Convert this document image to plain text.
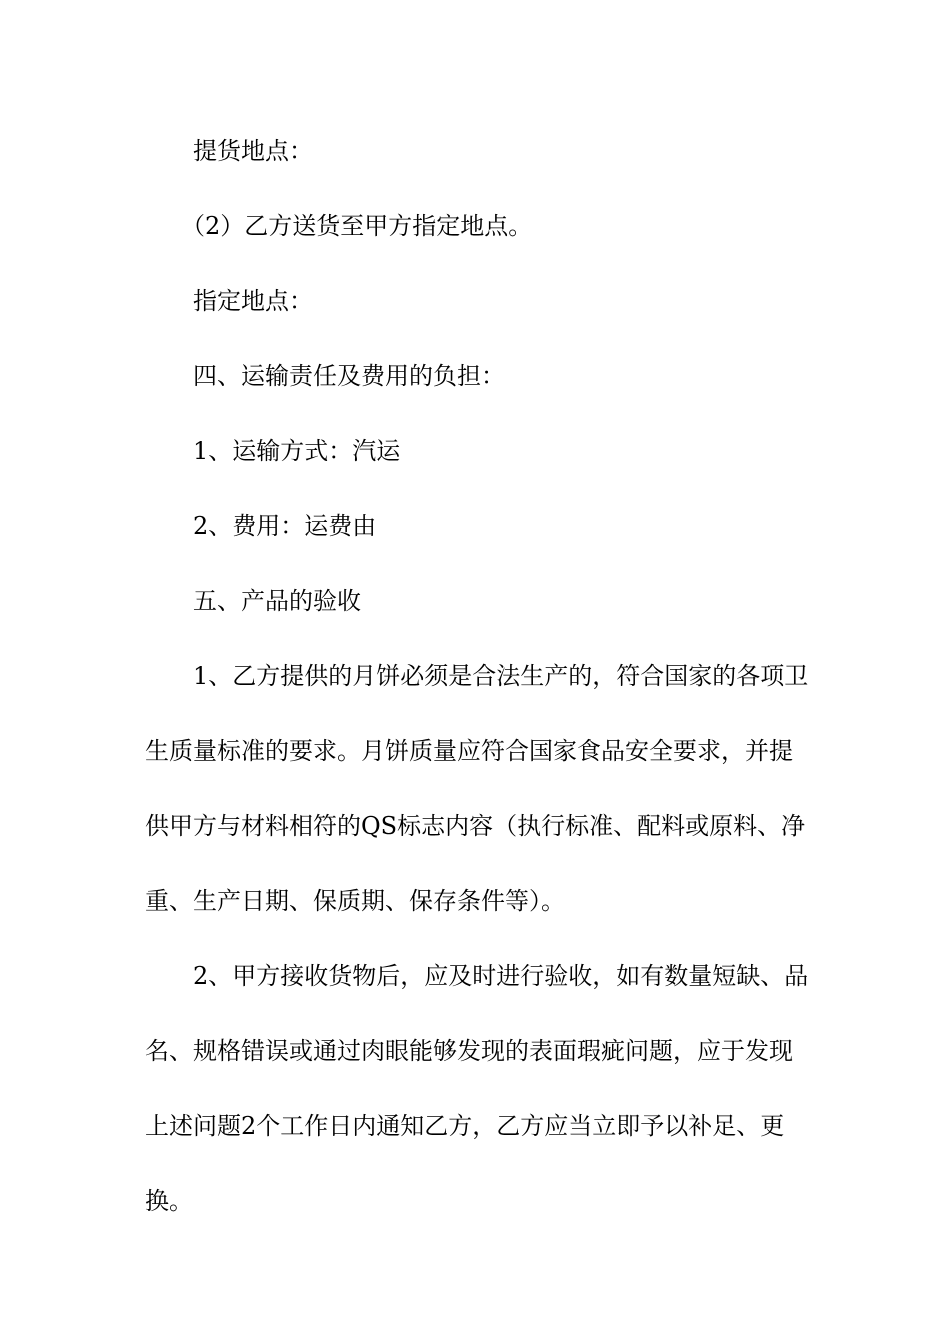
提货地点：
（2）乙方送货至甲方指定地点。
指定地点：
四、运输责任及费用的负担：
1、运输方式：汽运
2、费用：运费由
五、产品的验收
1、乙方提供的月饼必须是合法生产的，符合国家的各项卫
生质量标准的要求。月饼质量应符合国家食品安全要求，并提
供甲方与材料相符的QS标志内容（执行标准、配料或原料、净
重、生产日期、保质期、保存条件等）。
2、甲方接收货物后，应及时进行验收，如有数量短缺、品
名、规格错误或通过肉眼能够发现的表面瑕疵问题，应于发现
上述问题2个工作日内通知乙方，乙方应当立即予以补足、更
换。
